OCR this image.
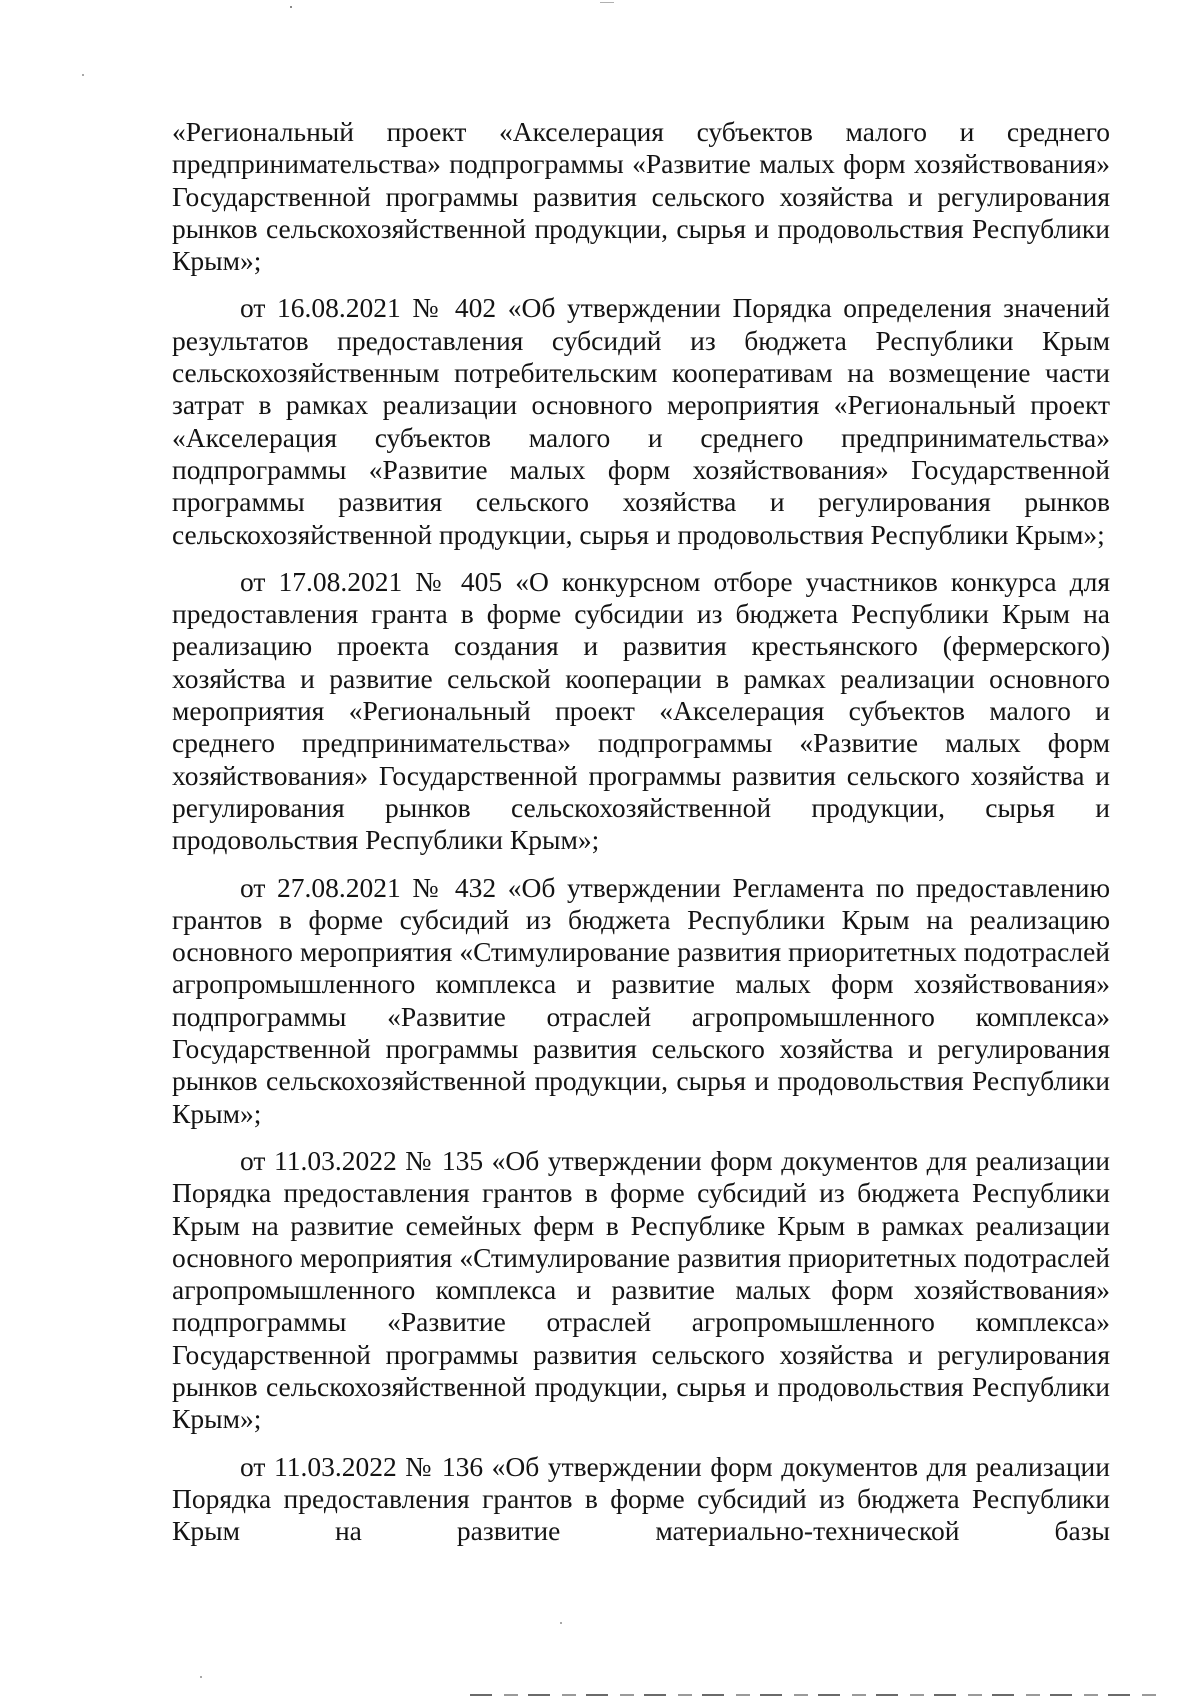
«Региональный проект «Акселерация субъектов малого и среднего предпринимательства» подпрограммы «Развитие малых форм хозяйствования» Государственной программы развития сельского хозяйства и регулирования рынков сельскохозяйственной продукции, сырья и продовольствия Республики Крым»;

от 16.08.2021 № 402 «Об утверждении Порядка определения значений результатов предоставления субсидий из бюджета Республики Крым сельскохозяйственным потребительским кооперативам на возмещение части затрат в рамках реализации основного мероприятия «Региональный проект «Акселерация субъектов малого и среднего предпринимательства» подпрограммы «Развитие малых форм хозяйствования» Государственной программы развития сельского хозяйства и регулирования рынков сельскохозяйственной продукции, сырья и продовольствия Республики Крым»;

от 17.08.2021 № 405 «О конкурсном отборе участников конкурса для предоставления гранта в форме субсидии из бюджета Республики Крым на реализацию проекта создания и развития крестьянского (фермерского) хозяйства и развитие сельской кооперации в рамках реализации основного мероприятия «Региональный проект «Акселерация субъектов малого и среднего предпринимательства» подпрограммы «Развитие малых форм хозяйствования» Государственной программы развития сельского хозяйства и регулирования рынков сельскохозяйственной продукции, сырья и продовольствия Республики Крым»;

от 27.08.2021 № 432 «Об утверждении Регламента по предоставлению грантов в форме субсидий из бюджета Республики Крым на реализацию основного мероприятия «Стимулирование развития приоритетных подотраслей агропромышленного комплекса и развитие малых форм хозяйствования» подпрограммы «Развитие отраслей агропромышленного комплекса» Государственной программы развития сельского хозяйства и регулирования рынков сельскохозяйственной продукции, сырья и продовольствия Республики Крым»;

от 11.03.2022 № 135 «Об утверждении форм документов для реализации Порядка предоставления грантов в форме субсидий из бюджета Республики Крым на развитие семейных ферм в Республике Крым в рамках реализации основного мероприятия «Стимулирование развития приоритетных подотраслей агропромышленного комплекса и развитие малых форм хозяйствования» подпрограммы «Развитие отраслей агропромышленного комплекса» Государственной программы развития сельского хозяйства и регулирования рынков сельскохозяйственной продукции, сырья и продовольствия Республики Крым»;

от 11.03.2022 № 136 «Об утверждении форм документов для реализации Порядка предоставления грантов в форме субсидий из бюджета Республики Крым на развитие материально-технической базы
